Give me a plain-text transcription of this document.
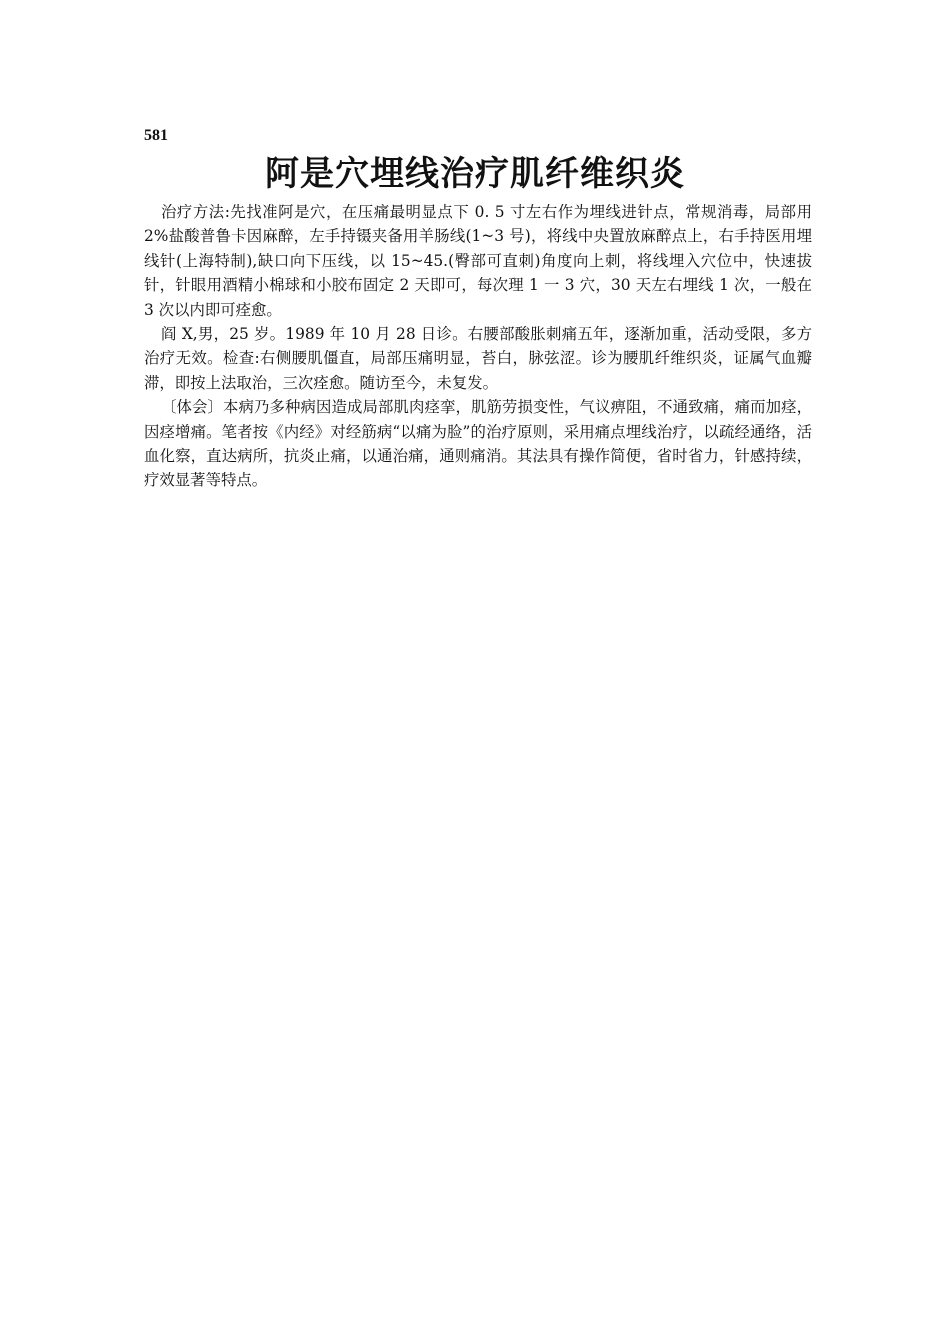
581
阿是穴埋线治疗肌纤维织炎

治疗方法:先找准阿是穴，在压痛最明显点下 0. 5 寸左右作为埋线进针点，常规消毒，局部用 2%盐酸普鲁卡因麻醉，左手持镊夹备用羊肠线(1~3 号)，将线中央置放麻醉点上，右手持医用埋线针(上海特制),缺口向下压线，以 15~45.(臀部可直刺)角度向上刺，将线埋入穴位中，快速拔针，针眼用酒精小棉球和小胶布固定 2 天即可，每次理 1 一 3 穴，30 天左右埋线 1 次，一般在 3 次以内即可痊愈。

阎 X,男，25 岁。1989 年 10 月 28 日诊。右腰部酸胀刺痛五年，逐渐加重，活动受限，多方治疗无效。检查:右侧腰肌僵直，局部压痛明显，苔白，脉弦涩。诊为腰肌纤维织炎，证属气血瓣滞，即按上法取治，三次痊愈。随访至今，未复发。

〔体会〕本病乃多种病因造成局部肌肉痉挛，肌筋劳损变性，气议痹阻，不通致痛，痛而加痉，因痉增痛。笔者按《内经》对经筋病“以痛为脸”的治疗原则，采用痛点埋线治疗，以疏经通络，活血化察，直达病所，抗炎止痛，以通治痛，通则痛消。其法具有操作简便，省时省力，针感持续，疗效显著等特点。
